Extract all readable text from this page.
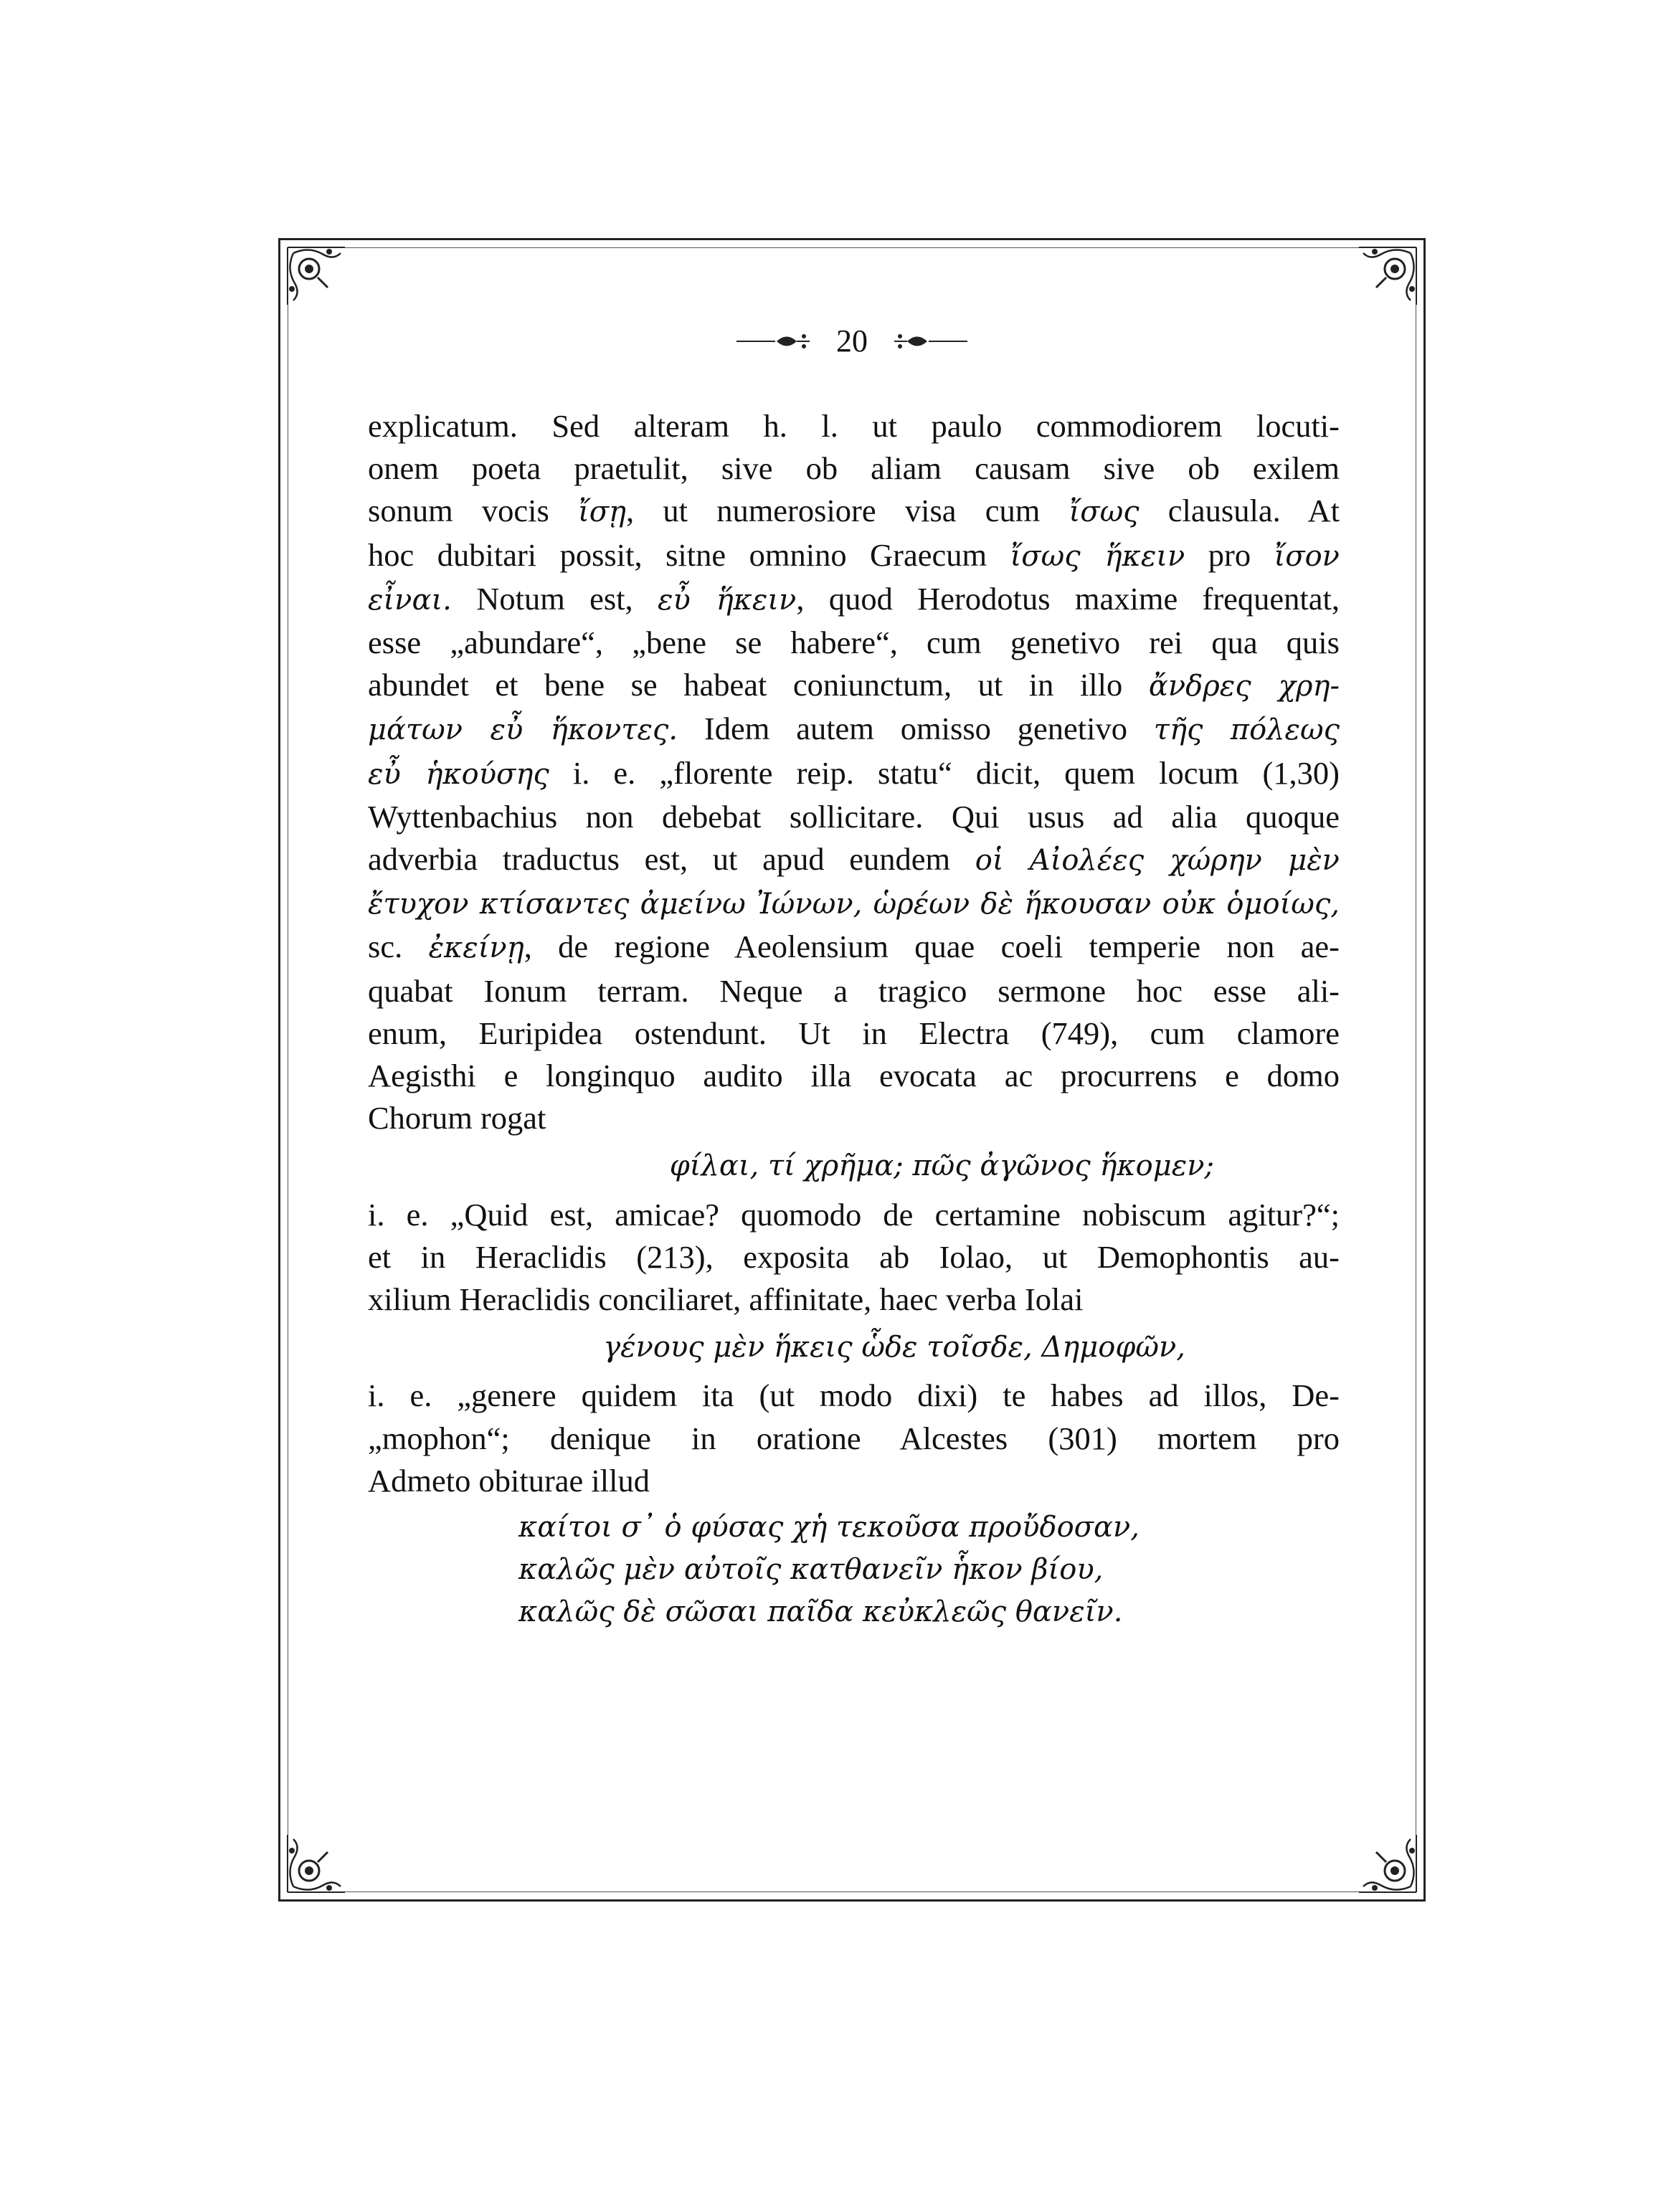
20
explicatum. Sed alteram h. l. ut paulo commodiorem locuti-
onem poeta praetulit, sive ob aliam causam sive ob exilem
sonum vocis ἴσῃ, ut numerosiore visa cum ἴσως clausula. At
hoc dubitari possit, sitne omnino Graecum ἴσως ἥκειν pro ἴσον
εἶναι. Notum est, εὖ ἥκειν, quod Herodotus maxime frequentat,
esse „abundare“, „bene se habere“, cum genetivo rei qua quis
abundet et bene se habeat coniunctum, ut in illo ἄνδρες χρη-
μάτων εὖ ἥκοντες. Idem autem omisso genetivo τῆς πόλεως
εὖ ἡκούσης i. e. „florente reip. statu“ dicit, quem locum (1,30)
Wyttenbachius non debebat sollicitare. Qui usus ad alia quoque
adverbia traductus est, ut apud eundem οἱ Αἰολέες χώρην μὲν
ἔτυχον κτίσαντες ἀμείνω Ἰώνων, ὡρέων δὲ ἥκουσαν οὐκ ὁμοίως,
sc. ἐκείνῃ, de regione Aeolensium quae coeli temperie non ae-
quabat Ionum terram. Neque a tragico sermone hoc esse ali-
enum, Euripidea ostendunt. Ut in Electra (749), cum clamore
Aegisthi e longinquo audito illa evocata ac procurrens e domo
Chorum rogat
φίλαι, τί χρῆμα; πῶς ἀγῶνος ἥκομεν;
i. e. „Quid est, amicae? quomodo de certamine nobiscum agitur?“;
et in Heraclidis (213), exposita ab Iolao, ut Demophontis au-
xilium Heraclidis conciliaret, affinitate, haec verba Iolai
γένους μὲν ἥκεις ὧδε τοῖσδε, Δημοφῶν,
i. e. „genere quidem ita (ut modo dixi) te habes ad illos, De-
„mophon“; denique in oratione Alcestes (301) mortem pro
Admeto obiturae illud
καίτοι σ᾿ ὁ φύσας χἡ τεκοῦσα προὔδοσαν,
καλῶς μὲν αὐτοῖς κατθανεῖν ἧκον βίου,
καλῶς δὲ σῶσαι παῖδα κεὐκλεῶς θανεῖν.
